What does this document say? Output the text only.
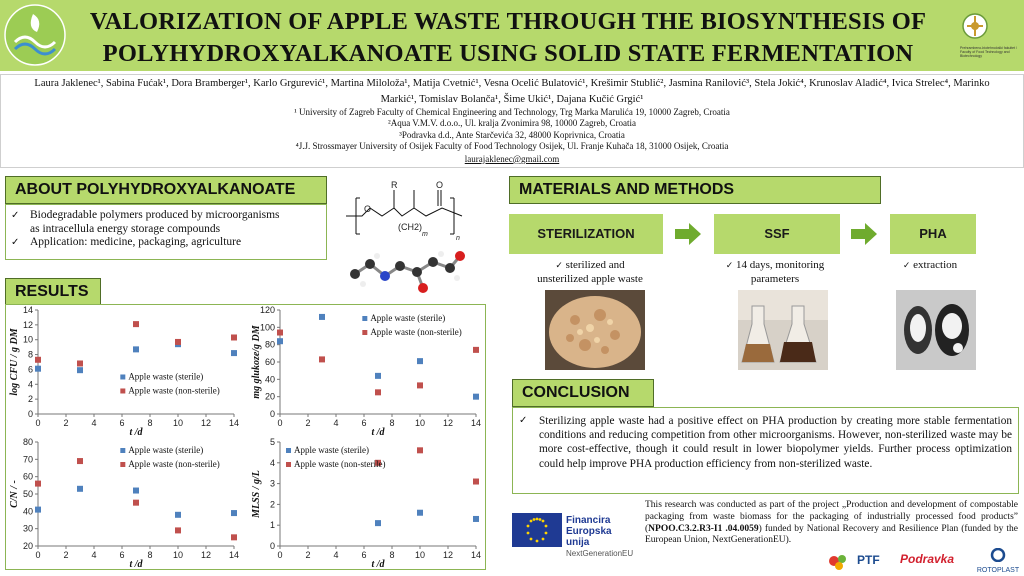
VALORIZATION OF APPLE WASTE THROUGH THE BIOSYNTHESIS OF
POLYHYDROXYALKANOATE USING SOLID STATE FERMENTATION	Prehrambeno-biotehnološki fakultet / Faculty of Food Technology and Biotechnology
Laura Jaklenec¹, Sabina Fućak¹, Dora Bramberger¹, Karlo Grgurević¹, Martina Miloloža¹, Matija Cvetnić¹, Vesna Ocelić Bulatović¹, Krešimir Stublić², Jasmina Ranilović³, Stela Jokić⁴, Krunoslav Aladić⁴, Ivica Strelec⁴, Marinko
Markić¹, Tomislav Bolanča¹, Šime Ukić¹, Dajana Kučić Grgić¹
¹ University of Zagreb Faculty of Chemical Engineering and Technology, Trg Marka Marulića 19, 10000 Zagreb, Croatia
²Aqua V.M.V. d.o.o., Ul. kralja Zvonimira 98, 10000 Zagreb, Croatia
³Podravka d.d., Ante Starčevića 32, 48000 Koprivnica, Croatia
⁴J.J. Strossmayer University of Osijek Faculty of Food Technology Osijek, Ul. Franje Kuhača 18, 31000 Osijek, Croatia
laurajaklenec@gmail.com
ABOUT POLYHYDROXYALKANOATE
✓ Biodegradable polymers produced by microorganisms
as intracellula energy storage compounds
✓ Application: medicine, packaging, agriculture
O
R	O
(CH2)
m
n
RESULTS
0
2
4
6
8
10
12
14
0	2	4	6	8 10 12 14
t /d
log CFU / g DM	Apple waste (sterile)
Apple waste (non-sterile)
0
20
40
60
80
100
120
0	2	4	6	8 10 12 14
t /d
mg glukoze/g DM
Apple waste (sterile)
Apple waste (non-sterile)
20
30
40
50
60
70
80
0	2	4	6	8 10 12 14
t /d
C/N / -
Apple waste (sterile)
Apple waste (non-sterile)
0
1
2
3
4
5
0	2	4	6	8 10 12 14
t /d
MLSS / g/L
Apple waste (sterile)
Apple waste (non-sterile)
MATERIALS AND METHODS
STERILIZATION	SSF	PHA
✓ sterilized and
unsterilized apple waste
✓ 14 days, monitoring
parameters
✓ extraction
CONCLUSION
✓ Sterilizing apple waste had a positive effect on PHA production by creating more stable fermentation conditions and reducing competition from other microorganisms. However, non-sterilized waste may be more cost-effective, though it could result in lower biopolymer yields. Further process optimization could help improve PHA production efficiency from non-sterilized waste.
Financira
Europska unija
NextGenerationEU
This research was conducted as part of the project „Production and development of compostable packaging from waste biomass for the packaging of industrially processed food products” (NPOO.C3.2.R3-I1 .04.0059) funded by National Recovery and Resilience Plan (funded by the European Union, NextGenerationEU).
PTF Podravka
ROTOPLAST
